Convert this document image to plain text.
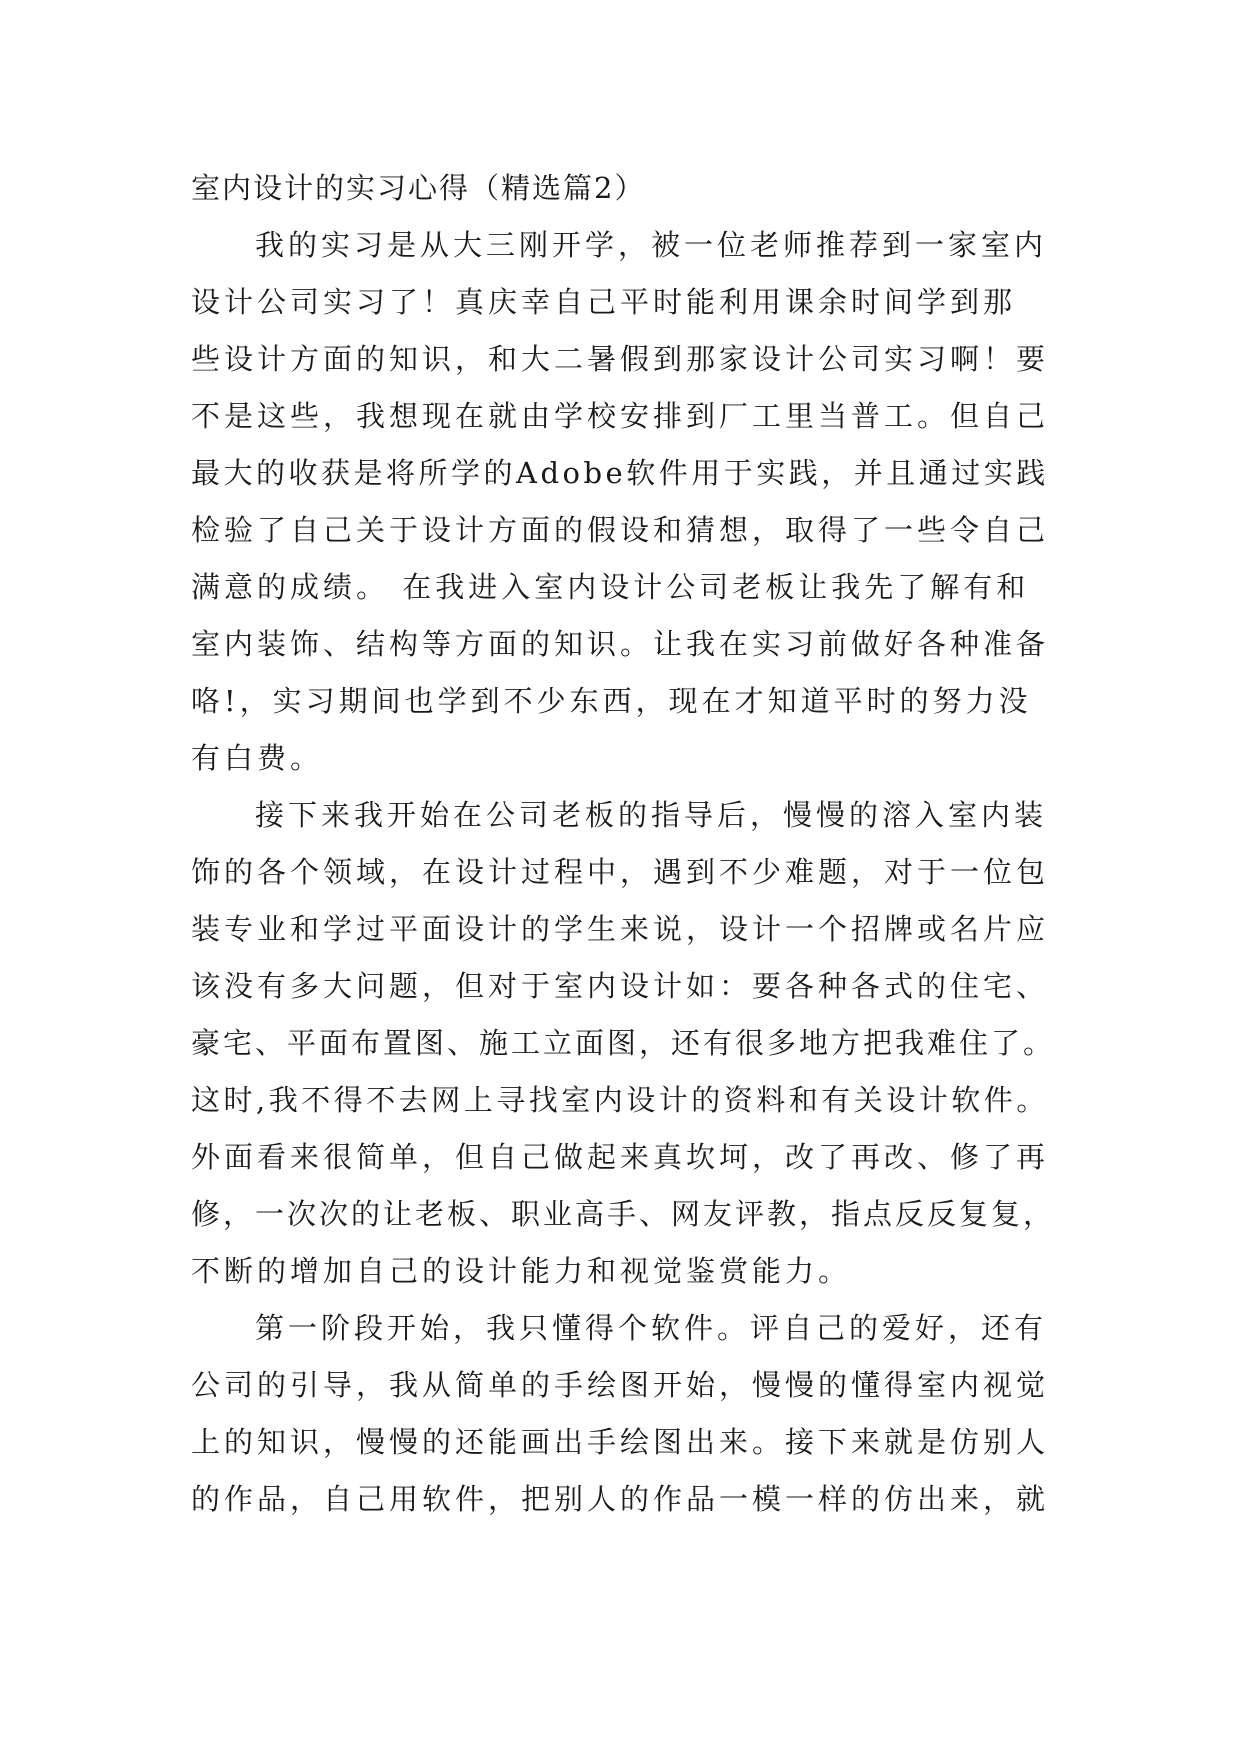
室内设计的实习心得（精选篇2）
我的实习是从大三刚开学，被一位老师推荐到一家室内
设计公司实习了！真庆幸自己平时能利用课余时间学到那
些设计方面的知识，和大二暑假到那家设计公司实习啊！要
不是这些，我想现在就由学校安排到厂工里当普工。但自己
最大的收获是将所学的Adobe软件用于实践，并且通过实践
检验了自己关于设计方面的假设和猜想，取得了一些令自己
满意的成绩。 在我进入室内设计公司老板让我先了解有和
室内装饰、结构等方面的知识。让我在实习前做好各种准备
咯!，实习期间也学到不少东西，现在才知道平时的努力没
有白费。
接下来我开始在公司老板的指导后，慢慢的溶入室内装
饰的各个领域，在设计过程中，遇到不少难题，对于一位包
装专业和学过平面设计的学生来说，设计一个招牌或名片应
该没有多大问题，但对于室内设计如：要各种各式的住宅、
豪宅、平面布置图、施工立面图，还有很多地方把我难住了。
这时,我不得不去网上寻找室内设计的资料和有关设计软件。
外面看来很简单，但自己做起来真坎坷，改了再改、修了再
修，一次次的让老板、职业高手、网友评教，指点反反复复，
不断的增加自己的设计能力和视觉鉴赏能力。
第一阶段开始，我只懂得个软件。评自己的爱好，还有
公司的引导，我从简单的手绘图开始，慢慢的懂得室内视觉
上的知识，慢慢的还能画出手绘图出来。接下来就是仿别人
的作品，自己用软件，把别人的作品一模一样的仿出来，就
